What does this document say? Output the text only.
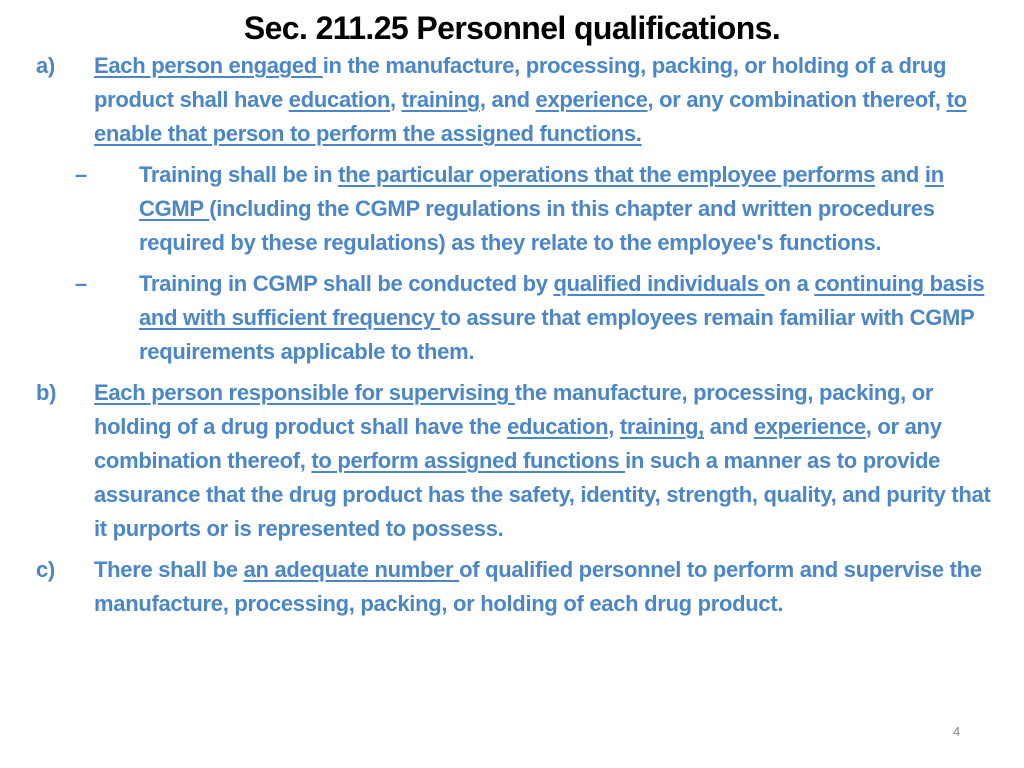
Sec. 211.25 Personnel qualifications.
a) Each person engaged in the manufacture, processing, packing, or holding of a drug product shall have education, training, and experience, or any combination thereof, to enable that person to perform the assigned functions.
– Training shall be in the particular operations that the employee performs and in CGMP (including the CGMP regulations in this chapter and written procedures required by these regulations) as they relate to the employee's functions.
– Training in CGMP shall be conducted by qualified individuals on a continuing basis and with sufficient frequency to assure that employees remain familiar with CGMP requirements applicable to them.
b) Each person responsible for supervising the manufacture, processing, packing, or holding of a drug product shall have the education, training, and experience, or any combination thereof, to perform assigned functions in such a manner as to provide assurance that the drug product has the safety, identity, strength, quality, and purity that it purports or is represented to possess.
c) There shall be an adequate number of qualified personnel to perform and supervise the manufacture, processing, packing, or holding of each drug product.
4
